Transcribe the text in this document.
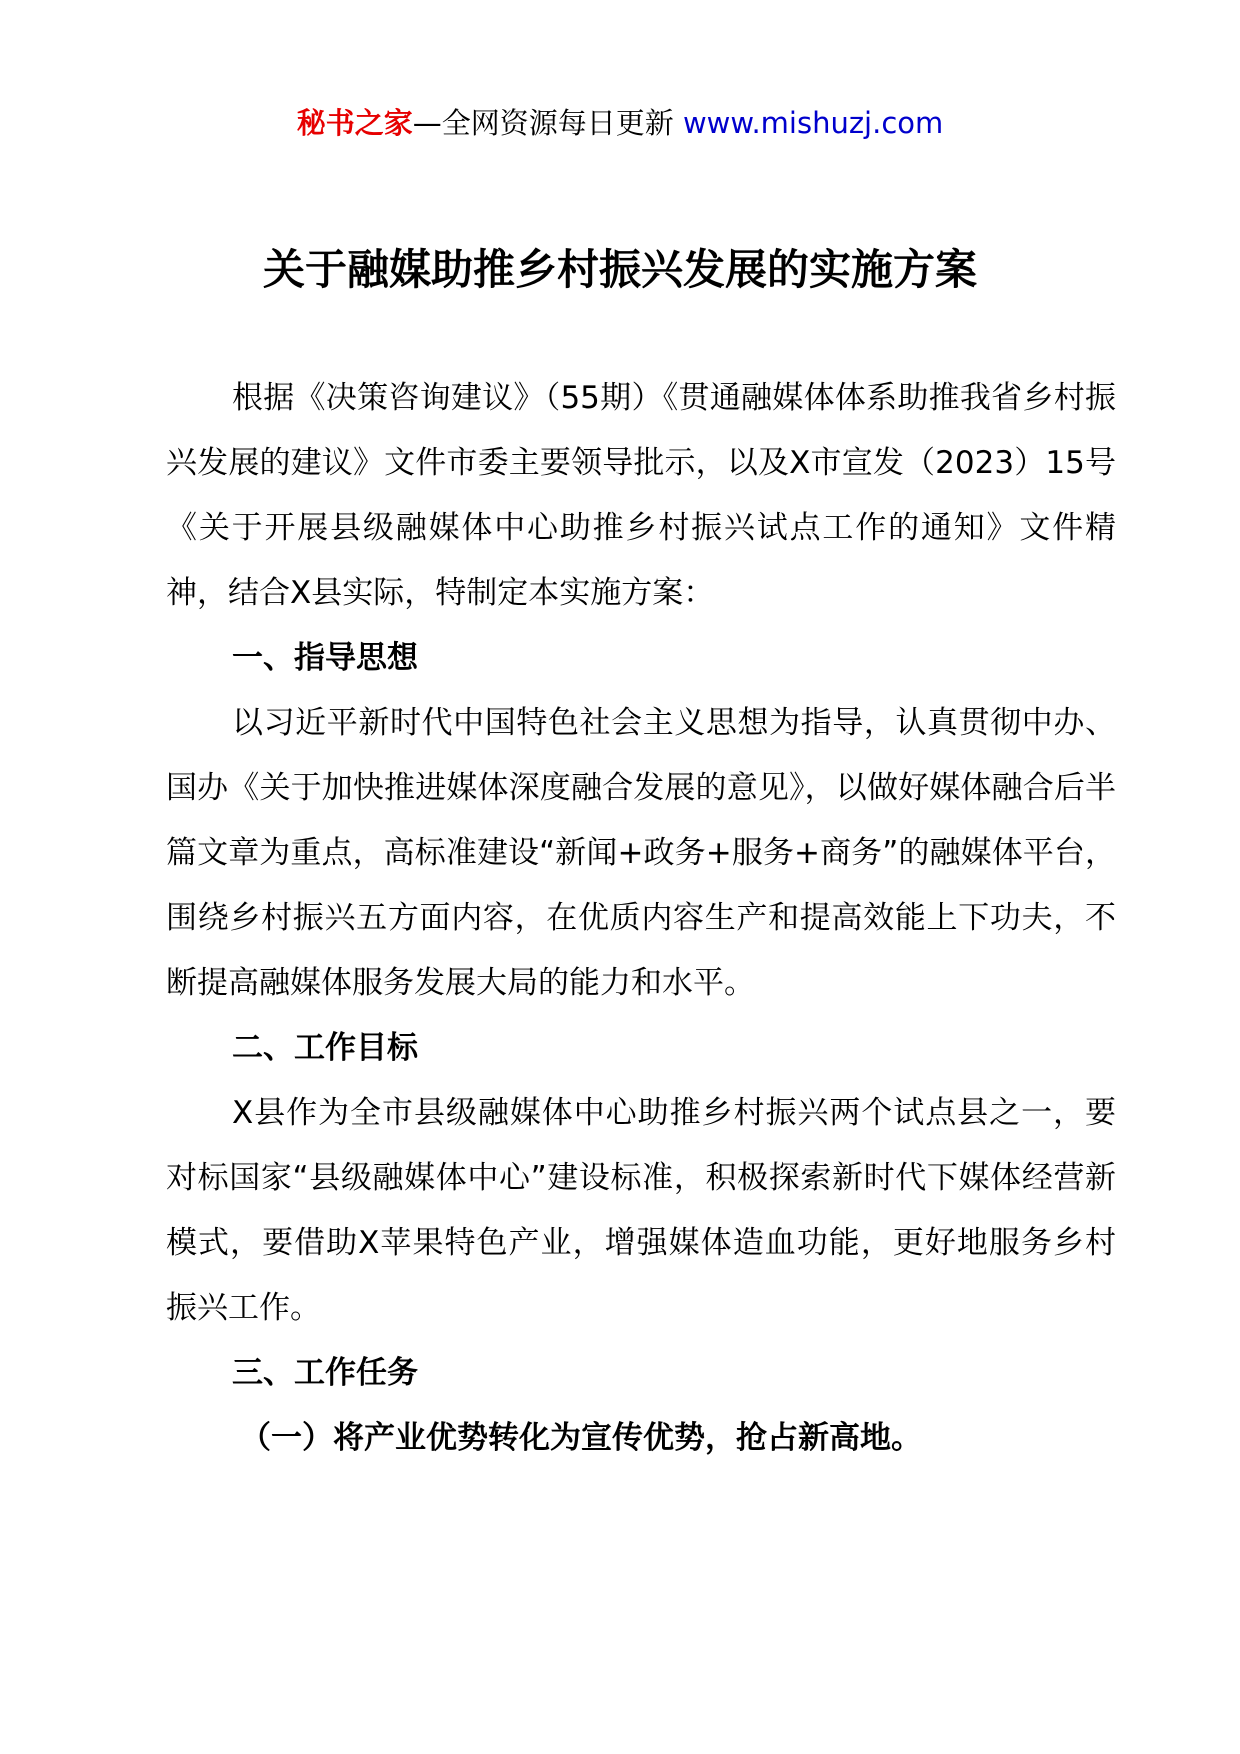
秘书之家—全网资源每日更新 www.mishuzj.com
关于融媒助推乡村振兴发展的实施方案

根据《决策咨询建议》（55期）《贯通融媒体体系助推我省乡村振兴发展的建议》文件市委主要领导批示，以及X市宣发（2023）15号《关于开展县级融媒体中心助推乡村振兴试点工作的通知》文件精神，结合X县实际，特制定本实施方案：

一、指导思想

以习近平新时代中国特色社会主义思想为指导，认真贯彻中办、国办《关于加快推进媒体深度融合发展的意见》，以做好媒体融合后半篇文章为重点，高标准建设“新闻+政务+服务+商务”的融媒体平台，围绕乡村振兴五方面内容，在优质内容生产和提高效能上下功夫，不断提高融媒体服务发展大局的能力和水平。

二、工作目标

X县作为全市县级融媒体中心助推乡村振兴两个试点县之一，要对标国家“县级融媒体中心”建设标准，积极探索新时代下媒体经营新模式，要借助X苹果特色产业，增强媒体造血功能，更好地服务乡村振兴工作。

三、工作任务

（一）将产业优势转化为宣传优势，抢占新高地。
